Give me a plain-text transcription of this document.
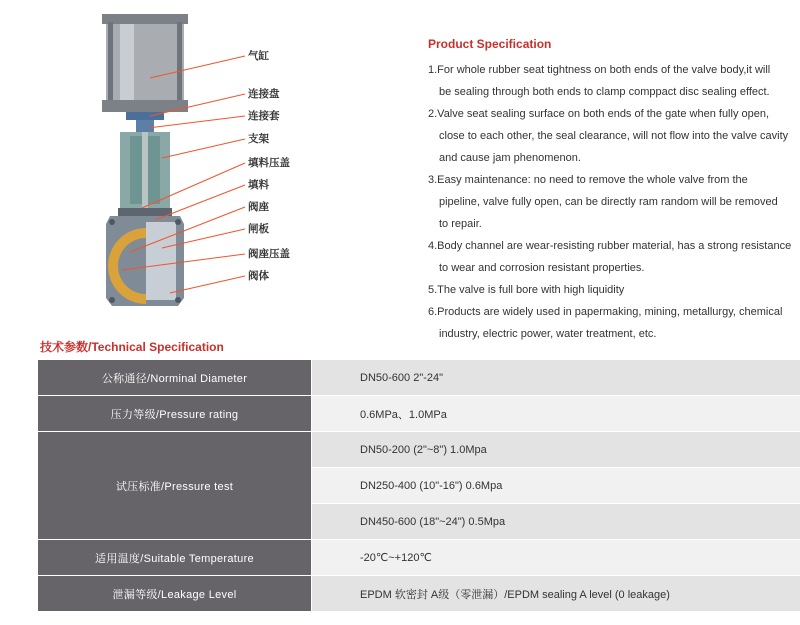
气缸
连接盘
连接套
支架
填料压盖
填料
阀座
闸板
阀座压盖
阀体
Product Specification
1.For whole rubber seat tightness on both ends of the valve body,it will
be sealing through both ends to clamp comppact disc sealing effect.
2.Valve seat sealing surface on both ends of the gate when fully open,
close to each other, the seal clearance, will not flow into the valve cavity
and cause jam phenomenon.
3.Easy maintenance: no need to remove the whole valve from the
pipeline, valve fully open, can be directly ram random will be removed
to repair.
4.Body channel are wear-resisting rubber material, has a strong resistance
to wear and corrosion resistant properties.
5.The valve is full bore with high liquidity
6.Products are widely used in papermaking, mining, metallurgy, chemical
industry, electric power, water treatment, etc.
技术参数/Technical Specification
公称通径/Norminal Diameter	DN50-600 2"-24"
压力等级/Pressure rating	0.6MPa、1.0MPa
试压标准/Pressure test	DN50-200 (2"~8") 1.0Mpa
	DN250-400 (10"-16") 0.6Mpa
	DN450-600 (18"~24") 0.5Mpa
适用温度/Suitable Temperature	-20℃~+120℃
泄漏等级/Leakage Level	EPDM 软密封 A级（零泄漏）/EPDM sealing A level (0 leakage)
